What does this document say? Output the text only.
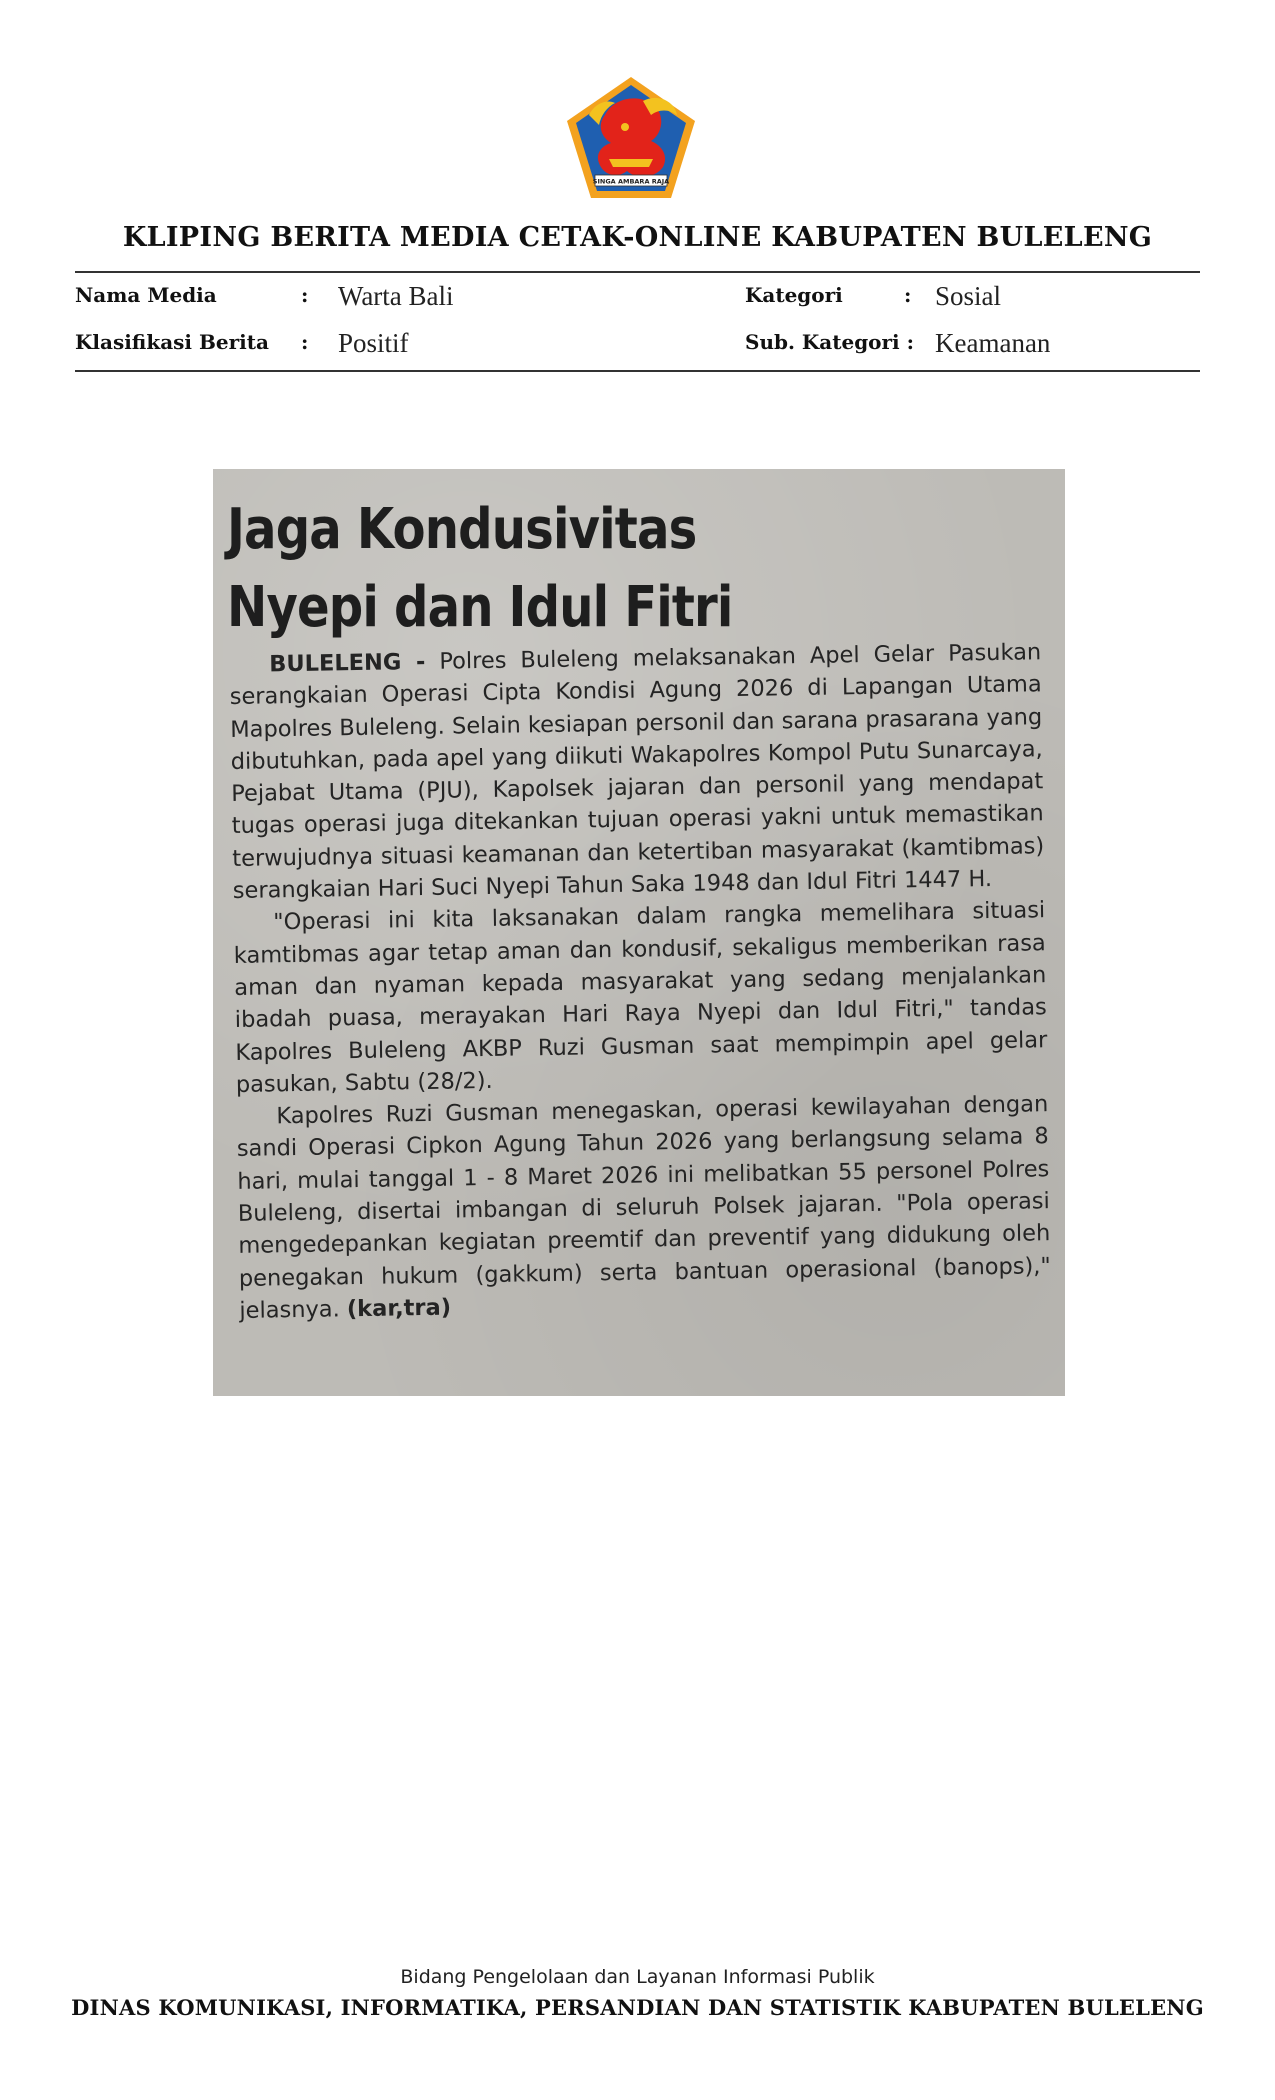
SINGA AMBARA RAJA
KLIPING BERITA MEDIA CETAK-ONLINE KABUPATEN BULELENG
Nama Media	: Warta Bali	Kategori	: Sosial
Klasifikasi Berita : Positif	Sub. Kategori : Keamanan
Jaga Kondusivitas
Nyepi dan Idul Fitri

BULELENG - Polres Buleleng melaksanakan Apel Gelar Pasukan serangkaian Operasi Cipta Kondisi Agung 2026 di Lapangan Utama Mapolres Buleleng. Selain kesiapan personil dan sarana prasarana yang dibutuhkan, pada apel yang diikuti Wakapolres Kompol Putu Sunarcaya, Pejabat Utama (PJU), Kapolsek jajaran dan personil yang mendapat tugas operasi juga ditekankan tujuan operasi yakni untuk memastikan terwujudnya situasi keamanan dan ketertiban masyarakat (kamtibmas) serangkaian Hari Suci Nyepi Tahun Saka 1948 dan Idul Fitri 1447 H.

"Operasi ini kita laksanakan dalam rangka memelihara situasi kamtibmas agar tetap aman dan kondusif, sekaligus memberikan rasa aman dan nyaman kepada masyarakat yang sedang menjalankan ibadah puasa, merayakan Hari Raya Nyepi dan Idul Fitri," tandas Kapolres Buleleng AKBP Ruzi Gusman saat mempimpin apel gelar pasukan, Sabtu (28/2).

Kapolres Ruzi Gusman menegaskan, operasi kewilayahan dengan sandi Operasi Cipkon Agung Tahun 2026 yang berlangsung selama 8 hari, mulai tanggal 1 - 8 Maret 2026 ini melibatkan 55 personel Polres Buleleng, disertai imbangan di seluruh Polsek jajaran. "Pola operasi mengedepankan kegiatan preemtif dan preventif yang didukung oleh penegakan hukum (gakkum) serta bantuan operasional (banops)," jelasnya. (kar,tra)

Bidang Pengelolaan dan Layanan Informasi Publik
DINAS KOMUNIKASI, INFORMATIKA, PERSANDIAN DAN STATISTIK KABUPATEN BULELENG
